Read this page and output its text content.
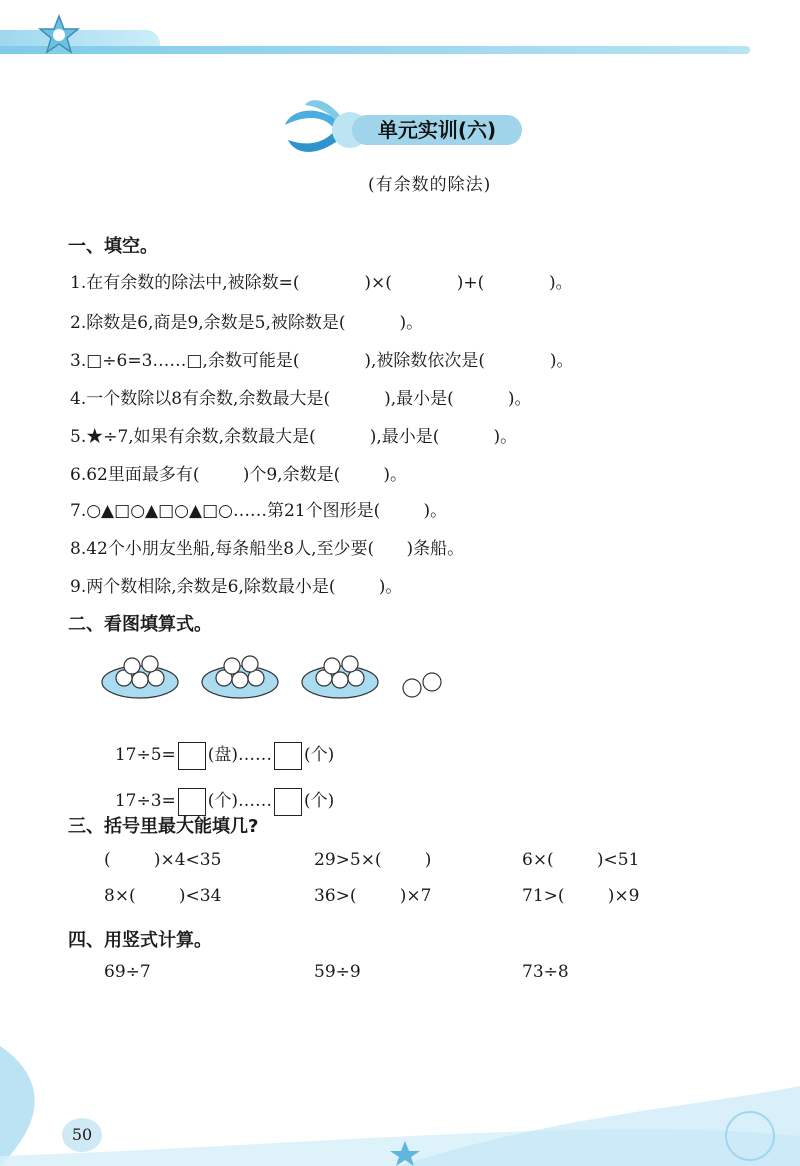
单元实训(六)
(有余数的除法)
一、填空。
1.在有余数的除法中,被除数=(            )×(            )+(            )。
2.除数是6,商是9,余数是5,被除数是(          )。
3.□÷6=3……□,余数可能是(            ),被除数依次是(            )。
4.一个数除以8有余数,余数最大是(          ),最小是(          )。
5.★÷7,如果有余数,余数最大是(          ),最小是(          )。
6.62里面最多有(        )个9,余数是(        )。
7.○▲□○▲□○▲□○……第21个图形是(        )。
8.42个小朋友坐船,每条船坐8人,至少要(      )条船。
9.两个数相除,余数是6,除数最小是(        )。
二、看图填算式。

17÷5= (盘)…… (个)

17÷3= (个)…… (个)

三、括号里最大能填几?
(        )×4<35	29>5×(        )	6×(        )<51
8×(        )<34	36>(        )×7	71>(        )×9
四、用竖式计算。
69÷7	59÷9	73÷8
50
